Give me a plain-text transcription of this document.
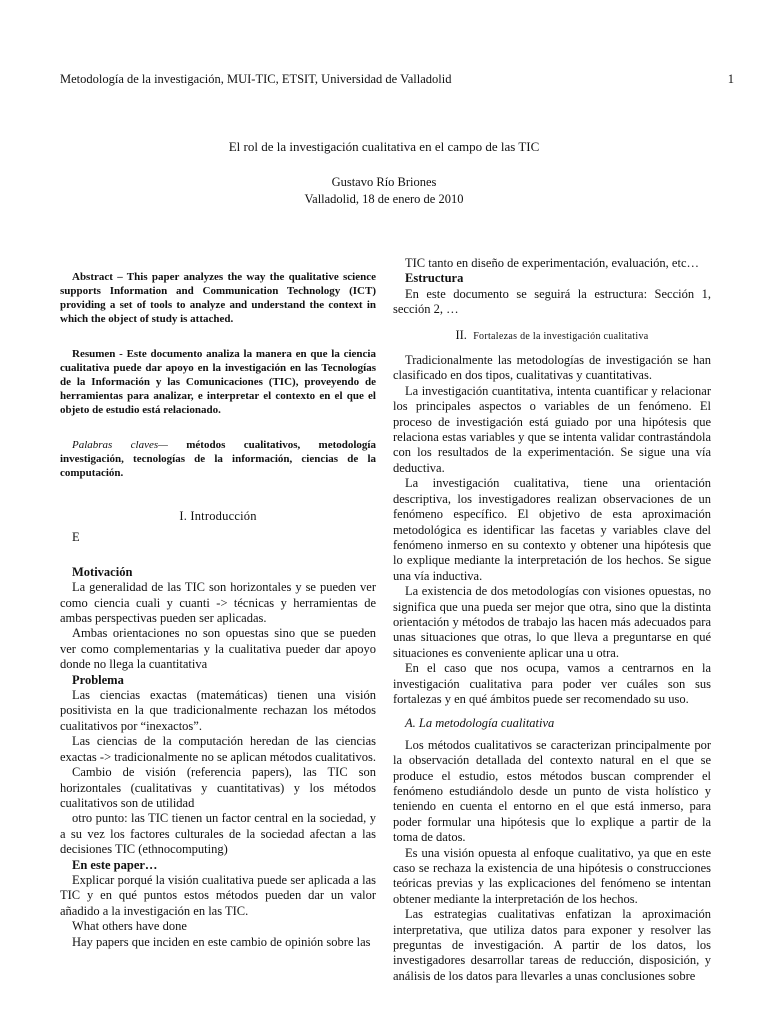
Metodología de la investigación, MUI-TIC, ETSIT, Universidad de Valladolid	1

El rol de la investigación cualitativa en el campo de las TIC

Gustavo Río Briones

Valladolid, 18 de enero de 2010

Abstract – This paper analyzes the way the qualitative science supports Information and Communication Technology (ICT) providing a set of tools to analyze and understand the context in which the object of study is attached.

Resumen - Este documento analiza la manera en que la ciencia cualitativa puede dar apoyo en la investigación en las Tecnologías de la Información y las Comunicaciones (TIC), proveyendo de herramientas para analizar, e interpretar el contexto en el que el objeto de estudio está relacionado.

Palabras claves— métodos cualitativos, metodología investigación, tecnologías de la información, ciencias de la computación.

I. Introducción

E

Motivación

La generalidad de las TIC son horizontales y se pueden ver como ciencia cuali y cuanti -> técnicas y herramientas de ambas perspectivas pueden ser aplicadas.

Ambas orientaciones no son opuestas sino que se pueden ver como complementarias y la cualitativa pueder dar apoyo donde no llega la cuantitativa

Problema

Las ciencias exactas (matemáticas) tienen una visión positivista en la que tradicionalmente rechazan los métodos cualitativos por “inexactos”.

Las ciencias de la computación heredan de las ciencias exactas -> tradicionalmente no se aplican métodos cualitativos.

Cambio de visión (referencia papers), las TIC son horizontales (cualitativas y cuantitativas) y los métodos cualitativos son de utilidad

otro punto: las TIC tienen un factor central en la sociedad, y a su vez los factores culturales de la sociedad afectan a las decisiones TIC (ethnocomputing)

En este paper…

Explicar porqué la visión cualitativa puede ser aplicada a las TIC y en qué puntos estos métodos pueden dar un valor añadido a la investigación en las TIC.

What others have done

Hay papers que inciden en este cambio de opinión sobre las

TIC tanto en diseño de experimentación, evaluación, etc…

Estructura

En este documento se seguirá la estructura: Sección 1, sección 2, …

II. Fortalezas de la investigación cualitativa

Tradicionalmente las metodologías de investigación se han clasificado en dos tipos, cualitativas y cuantitativas.

La investigación cuantitativa, intenta cuantificar y relacionar los principales aspectos o variables de un fenómeno. El proceso de investigación está guiado por una hipótesis que relaciona estas variables y que se intenta validar contrastándola con los resultados de la experimentación. Se sigue una vía deductiva.

La investigación cualitativa, tiene una orientación descriptiva, los investigadores realizan observaciones de un fenómeno específico. El objetivo de esta aproximación metodológica es identificar las facetas y variables clave del fenómeno inmerso en su contexto y obtener una hipótesis que lo explique mediante la interpretación de los hechos. Se sigue una vía inductiva.

La existencia de dos metodologías con visiones opuestas, no significa que una pueda ser mejor que otra, sino que la distinta orientación y métodos de trabajo las hacen más adecuados para unas situaciones que otras, lo que lleva a preguntarse en qué situaciones es conveniente aplicar una u otra.

En el caso que nos ocupa, vamos a centrarnos en la investigación cualitativa para poder ver cuáles son sus fortalezas y en qué ámbitos puede ser recomendado su uso.

A. La metodología cualitativa

Los métodos cualitativos se caracterizan principalmente por la observación detallada del contexto natural en el que se produce el estudio, estos métodos buscan comprender el fenómeno estudiándolo desde un punto de vista holístico y teniendo en cuenta el entorno en el que está inmerso, para poder formular una hipótesis que lo explique a partir de la toma de datos.

Es una visión opuesta al enfoque cualitativo, ya que en este caso se rechaza la existencia de una hipótesis o construcciones teóricas previas y las explicaciones del fenómeno se intentan obtener mediante la interpretación de los hechos.

Las estrategias cualitativas enfatizan la aproximación interpretativa, que utiliza datos para exponer y resolver las preguntas de investigación. A partir de los datos, los investigadores desarrollar tareas de reducción, disposición, y análisis de los datos para llevarles a unas conclusiones sobre
